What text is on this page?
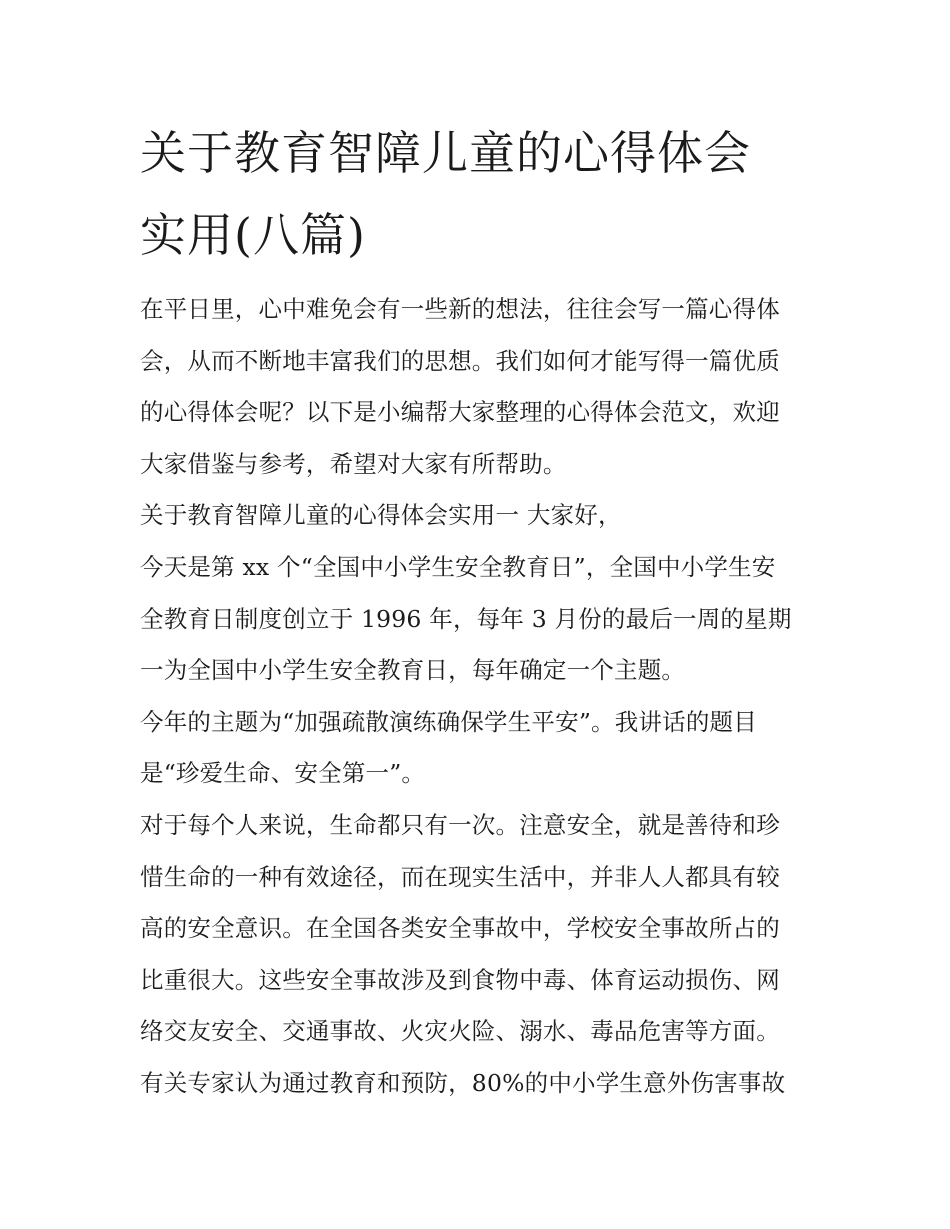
关于教育智障儿童的心得体会
实用(八篇)

在平日里，心中难免会有一些新的想法，往往会写一篇心得体
会，从而不断地丰富我们的思想。我们如何才能写得一篇优质
的心得体会呢？以下是小编帮大家整理的心得体会范文，欢迎
大家借鉴与参考，希望对大家有所帮助。

关于教育智障儿童的心得体会实用一 大家好，

今天是第 xx 个“全国中小学生安全教育日”，全国中小学生安
全教育日制度创立于 1996 年，每年 3 月份的最后一周的星期
一为全国中小学生安全教育日，每年确定一个主题。

今年的主题为“加强疏散演练确保学生平安”。我讲话的题目
是“珍爱生命、安全第一”。

对于每个人来说，生命都只有一次。注意安全，就是善待和珍
惜生命的一种有效途径，而在现实生活中，并非人人都具有较
高的安全意识。在全国各类安全事故中，学校安全事故所占的
比重很大。这些安全事故涉及到食物中毒、体育运动损伤、网
络交友安全、交通事故、火灾火险、溺水、毒品危害等方面。
有关专家认为通过教育和预防，80%的中小学生意外伤害事故
